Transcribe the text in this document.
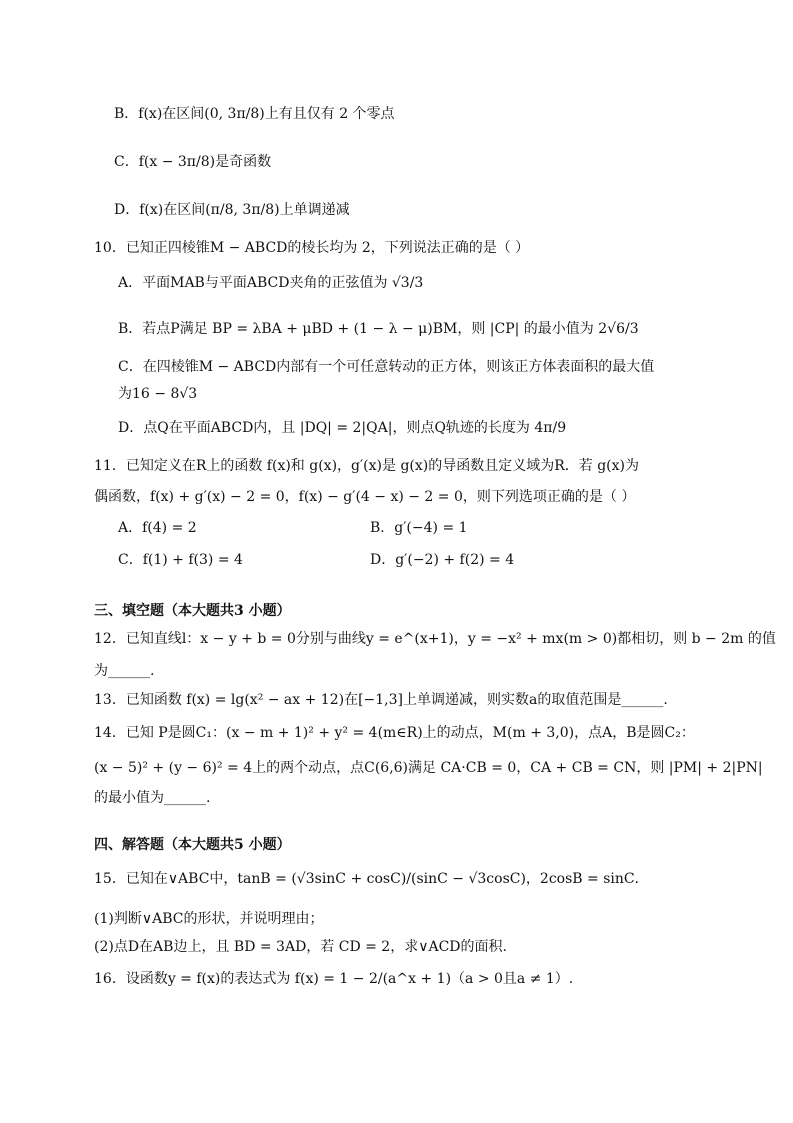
B．f(x)在区间(0, 3π/8)上有且仅有 2 个零点
C．f(x − 3π/8)是奇函数
D．f(x)在区间(π/8, 3π/8)上单调递减
10．已知正四棱锥M − ABCD的棱长均为 2，下列说法正确的是（ ）
A．平面MAB与平面ABCD夹角的正弦值为 √3/3
B．若点P满足 BP = λBA + μBD + (1 − λ − μ)BM，则 |CP| 的最小值为 2√6/3
C．在四棱锥M − ABCD内部有一个可任意转动的正方体，则该正方体表面积的最大值
为16 − 8√3
D．点Q在平面ABCD内，且 |DQ| = 2|QA|，则点Q轨迹的长度为 4π/9
11．已知定义在R上的函数 f(x)和 g(x)，g′(x)是 g(x)的导函数且定义域为R．若 g(x)为
偶函数，f(x) + g′(x) − 2 = 0，f(x) − g′(4 − x) − 2 = 0，则下列选项正确的是（ ）
A．f(4) = 2	B．g′(−4) = 1
C．f(1) + f(3) = 4	D．g′(−2) + f(2) = 4
三、填空题（本大题共3 小题）
12．已知直线l：x − y + b = 0分别与曲线y = e^(x+1)，y = −x² + mx(m > 0)都相切，则 b − 2m 的值
为______.
13．已知函数 f(x) = lg(x² − ax + 12)在[−1,3]上单调递减，则实数a的取值范围是______.
14．已知 P是圆C₁：(x − m + 1)² + y² = 4(m∈R)上的动点，M(m + 3,0)，点A，B是圆C₂：
(x − 5)² + (y − 6)² = 4上的两个动点，点C(6,6)满足 CA·CB = 0，CA + CB = CN，则 |PM| + 2|PN|
的最小值为______.
四、解答题（本大题共5 小题）
15．已知在∨ABC中，tanB = (√3sinC + cosC)/(sinC − √3cosC)，2cosB = sinC．
(1)判断∨ABC的形状，并说明理由；
(2)点D在AB边上，且 BD = 3AD，若 CD = 2，求∨ACD的面积.
16．设函数y = f(x)的表达式为 f(x) = 1 − 2/(a^x + 1)（a > 0且a ≠ 1）.
